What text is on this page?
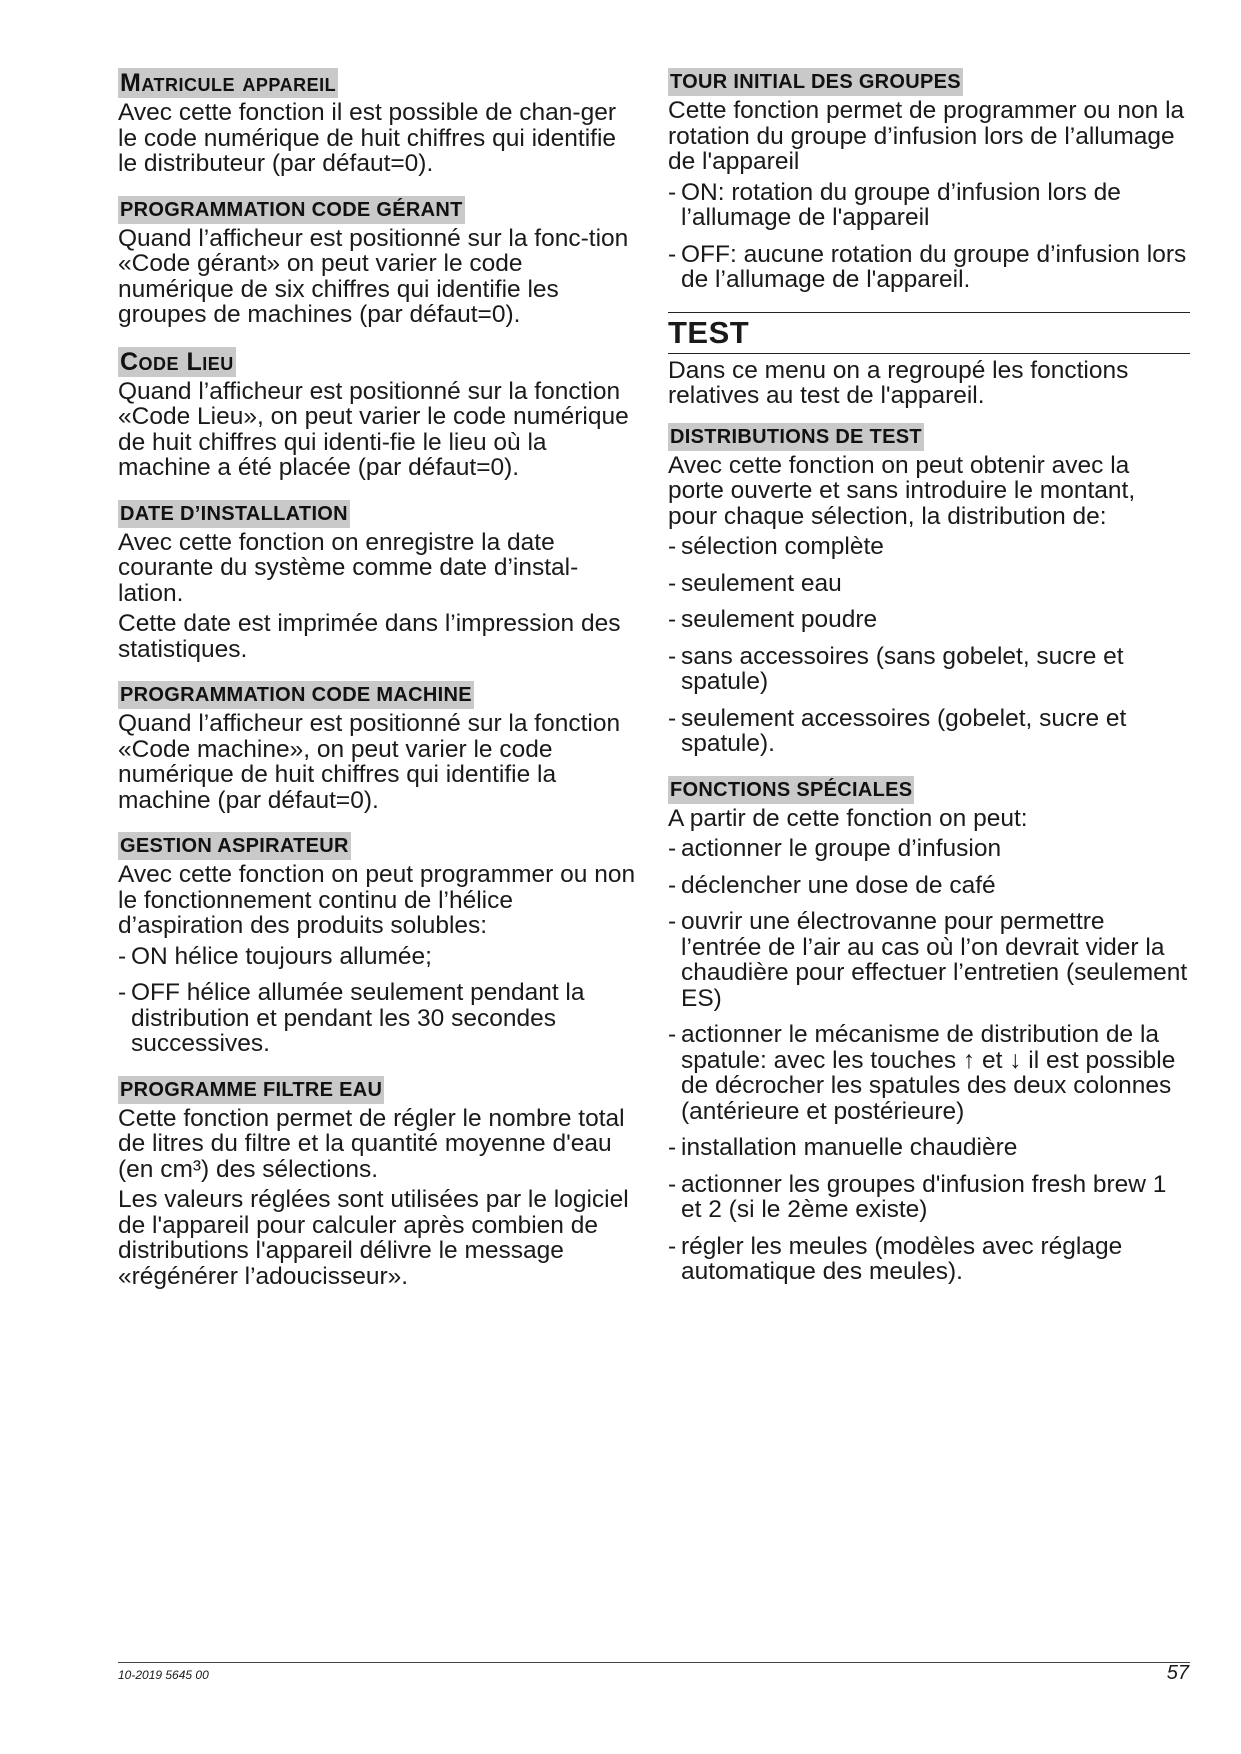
Matricule appareil
Avec cette fonction il est possible de chan-ger le code numérique de huit chiffres qui identifie le distributeur (par défaut=0).
PROGRAMMATION CODE GÉRANT
Quand l’afficheur est positionné sur la fonc-tion «Code gérant» on peut varier le code numérique de six chiffres qui identifie les groupes de machines (par défaut=0).
Code Lieu
Quand l’afficheur est positionné sur la fonction «Code Lieu», on peut varier le code numérique de huit chiffres qui identi-fie le lieu où la machine a été placée (par défaut=0).
DATE D’INSTALLATION
Avec cette fonction on enregistre la date courante du système comme date d’instal-lation.
Cette date est imprimée dans l’impression des statistiques.
PROGRAMMATION CODE MACHINE
Quand l’afficheur est positionné sur la fonction «Code machine», on peut varier le code numérique de huit chiffres qui identifie la machine (par défaut=0).
GESTION ASPIRATEUR
Avec cette fonction on peut programmer ou non le fonctionnement continu de l’hélice d’aspiration des produits solubles:
- ON hélice toujours allumée;
- OFF hélice allumée seulement pendant la distribution et pendant les 30 secondes successives.
PROGRAMME FILTRE EAU
Cette fonction permet de régler le nombre total de litres du filtre et la quantité moyenne d'eau (en cm³) des sélections.
Les valeurs réglées sont utilisées par le logiciel de l'appareil pour calculer après combien de distributions l'appareil délivre le message «régénérer l’adoucisseur».
TOUR INITIAL DES GROUPES
Cette fonction permet de programmer ou non la rotation du groupe d’infusion lors de l’allumage de l'appareil
- ON: rotation du groupe d’infusion lors de l’allumage de l'appareil
- OFF: aucune rotation du groupe d’infusion lors de l’allumage de l'appareil.
TEST
Dans ce menu on a regroupé les fonctions relatives au test de l'appareil.
DISTRIBUTIONS DE TEST
Avec cette fonction on peut obtenir avec la porte ouverte et sans introduire le montant, pour chaque sélection, la distribution de:
- sélection complète
- seulement eau
- seulement poudre
- sans accessoires (sans gobelet, sucre et spatule)
- seulement accessoires (gobelet, sucre et spatule).
FONCTIONS SPÉCIALES
A partir de cette fonction on peut:
- actionner le groupe d’infusion
- déclencher une dose de café
- ouvrir une électrovanne pour permettre l’entrée de l’air au cas où l’on devrait vider la chaudière pour effectuer l’entretien (seulement ES)
- actionner le mécanisme de distribution de la spatule: avec les touches ↑ et ↓ il est possible de décrocher les spatules des deux colonnes (antérieure et postérieure)
- installation manuelle chaudière
- actionner les groupes d'infusion fresh brew 1 et 2 (si le 2ème existe)
- régler les meules (modèles avec réglage automatique des meules).
10-2019 5645 00	57
